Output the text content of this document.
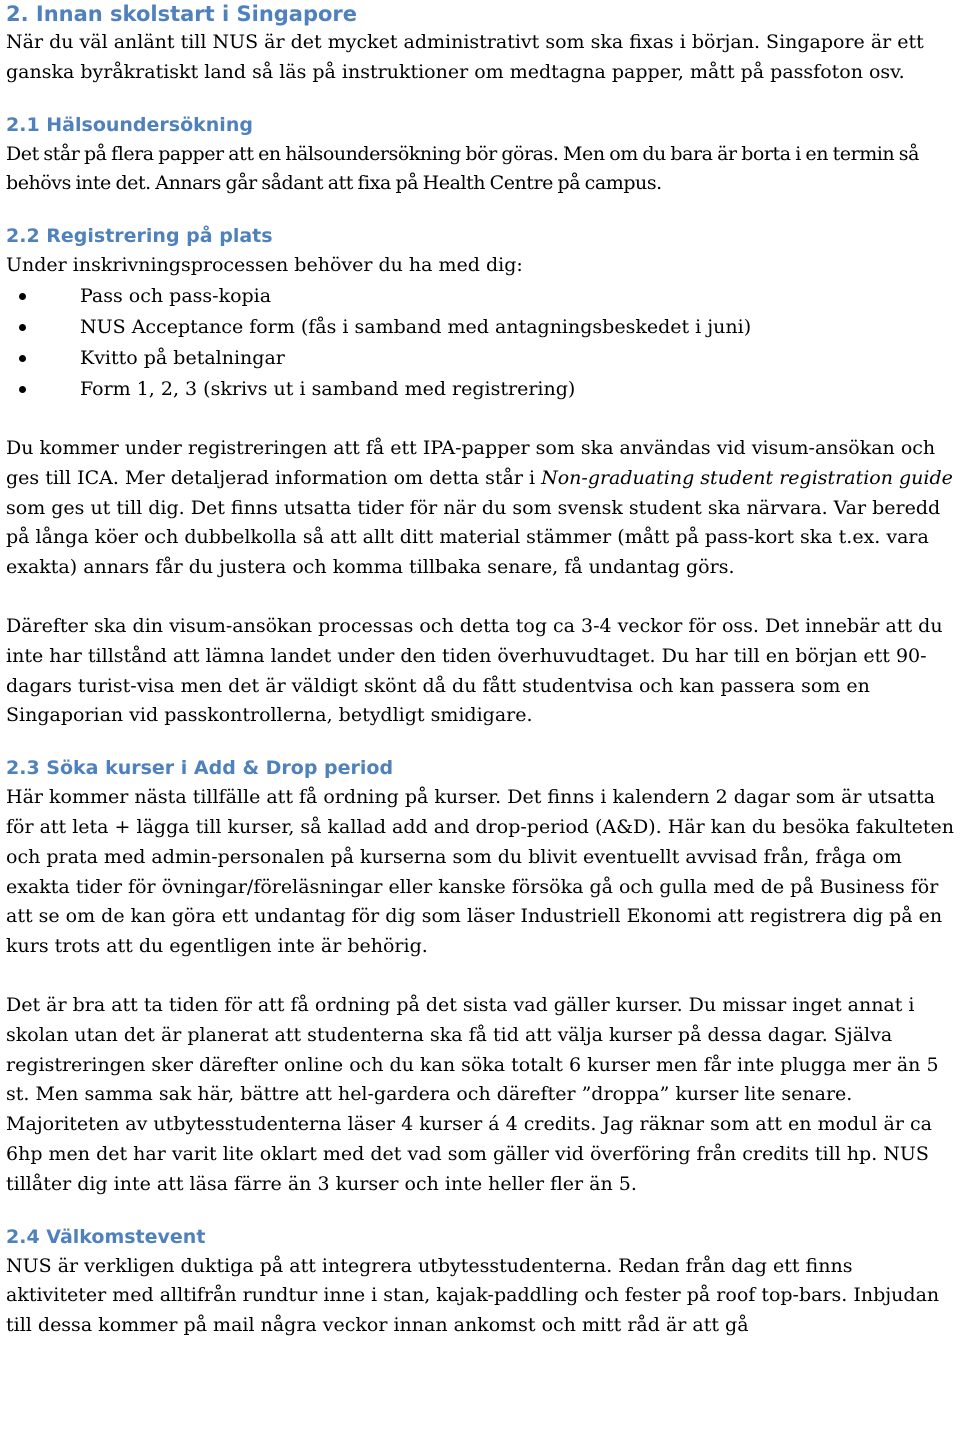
2. Innan skolstart i Singapore

När du väl anlänt till NUS är det mycket administrativt som ska fixas i början. Singapore är ett ganska byråkratiskt land så läs på instruktioner om medtagna papper, mått på passfoton osv.

2.1 Hälsoundersökning

Det står på flera papper att en hälsoundersökning bör göras. Men om du bara är borta i en termin så behövs inte det. Annars går sådant att fixa på Health Centre på campus.

2.2 Registrering på plats

Under inskrivningsprocessen behöver du ha med dig:

Pass och pass-kopia
NUS Acceptance form (fås i samband med antagningsbeskedet i juni)
Kvitto på betalningar
Form 1, 2, 3 (skrivs ut i samband med registrering)

Du kommer under registreringen att få ett IPA-papper som ska användas vid visum-ansökan och ges till ICA. Mer detaljerad information om detta står i Non-graduating student registration guide som ges ut till dig. Det finns utsatta tider för när du som svensk student ska närvara. Var beredd på långa köer och dubbelkolla så att allt ditt material stämmer (mått på pass-kort ska t.ex. vara exakta) annars får du justera och komma tillbaka senare, få undantag görs.

Därefter ska din visum-ansökan processas och detta tog ca 3-4 veckor för oss. Det innebär att du inte har tillstånd att lämna landet under den tiden överhuvudtaget. Du har till en början ett 90-dagars turist-visa men det är väldigt skönt då du fått studentvisa och kan passera som en Singaporian vid passkontrollerna, betydligt smidigare.

2.3 Söka kurser i Add & Drop period

Här kommer nästa tillfälle att få ordning på kurser. Det finns i kalendern 2 dagar som är utsatta för att leta + lägga till kurser, så kallad add and drop-period (A&D). Här kan du besöka fakulteten och prata med admin-personalen på kurserna som du blivit eventuellt avvisad från, fråga om exakta tider för övningar/föreläsningar eller kanske försöka gå och gulla med de på Business för att se om de kan göra ett undantag för dig som läser Industriell Ekonomi att registrera dig på en kurs trots att du egentligen inte är behörig.

Det är bra att ta tiden för att få ordning på det sista vad gäller kurser. Du missar inget annat i skolan utan det är planerat att studenterna ska få tid att välja kurser på dessa dagar. Själva registreringen sker därefter online och du kan söka totalt 6 kurser men får inte plugga mer än 5 st. Men samma sak här, bättre att hel-gardera och därefter ”droppa” kurser lite senare. Majoriteten av utbytesstudenterna läser 4 kurser á 4 credits. Jag räknar som att en modul är ca 6hp men det har varit lite oklart med det vad som gäller vid överföring från credits till hp. NUS tillåter dig inte att läsa färre än 3 kurser och inte heller fler än 5.

2.4 Välkomstevent

NUS är verkligen duktiga på att integrera utbytesstudenterna. Redan från dag ett finns aktiviteter med alltifrån rundtur inne i stan, kajak-paddling och fester på roof top-bars. Inbjudan till dessa kommer på mail några veckor innan ankomst och mitt råd är att gå
